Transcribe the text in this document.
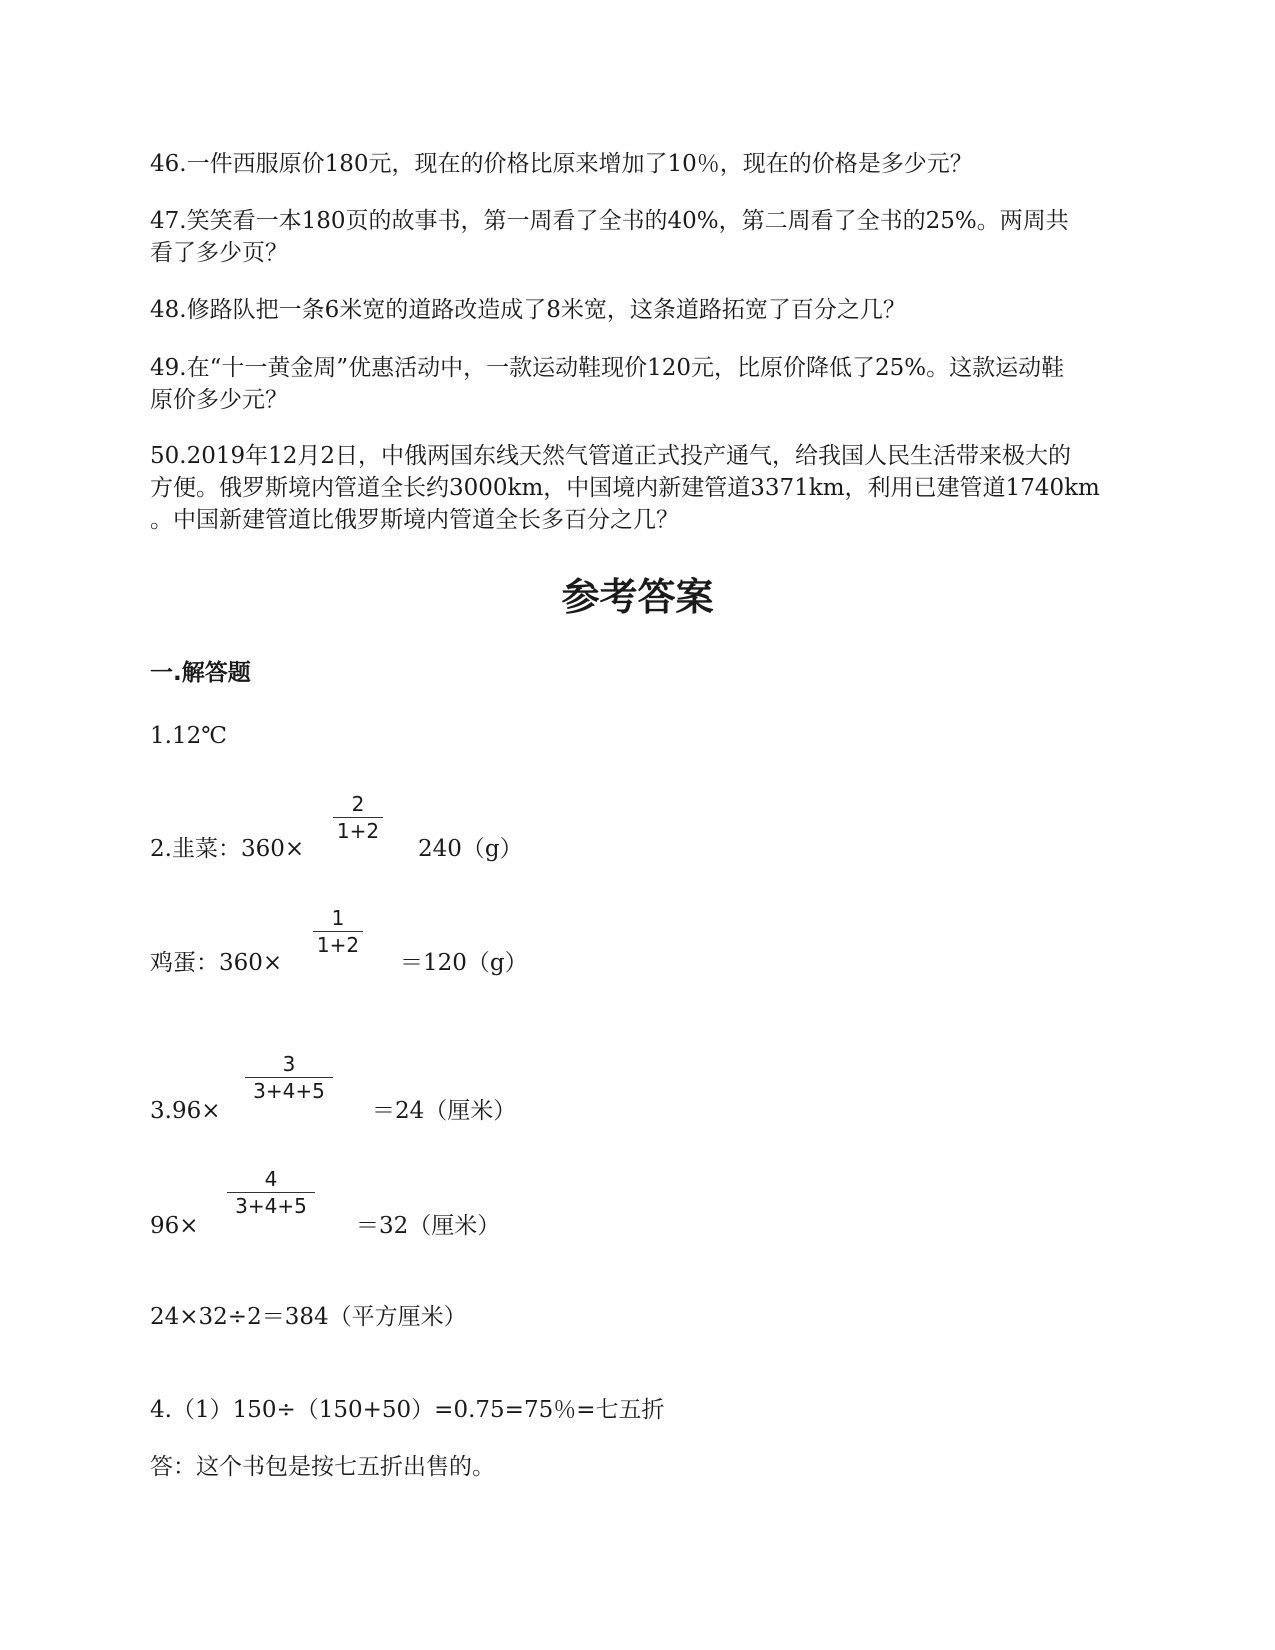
46.一件西服原价180元，现在的价格比原来增加了10％，现在的价格是多少元？
47.笑笑看一本180页的故事书，第一周看了全书的40%，第二周看了全书的25%。两周共
看了多少页？
48.修路队把一条6米宽的道路改造成了8米宽，这条道路拓宽了百分之几？
49.在“十一黄金周”优惠活动中，一款运动鞋现价120元，比原价降低了25%。这款运动鞋
原价多少元？
50.2019年12月2日，中俄两国东线天然气管道正式投产通气，给我国人民生活带来极大的
方便。俄罗斯境内管道全长约3000km，中国境内新建管道3371km，利用已建管道1740km
。中国新建管道比俄罗斯境内管道全长多百分之几？
参考答案
一.解答题
1.12℃
2.韭菜：360×
2
1+2
240（g）
鸡蛋：360×
1
1+2
＝120（g）
3.96×
3
3+4+5
＝24（厘米）
96×
4
3+4+5
＝32（厘米）
24×32÷2＝384（平方厘米）
4.（1）150÷（150+50）=0.75=75％=七五折
答：这个书包是按七五折出售的。
